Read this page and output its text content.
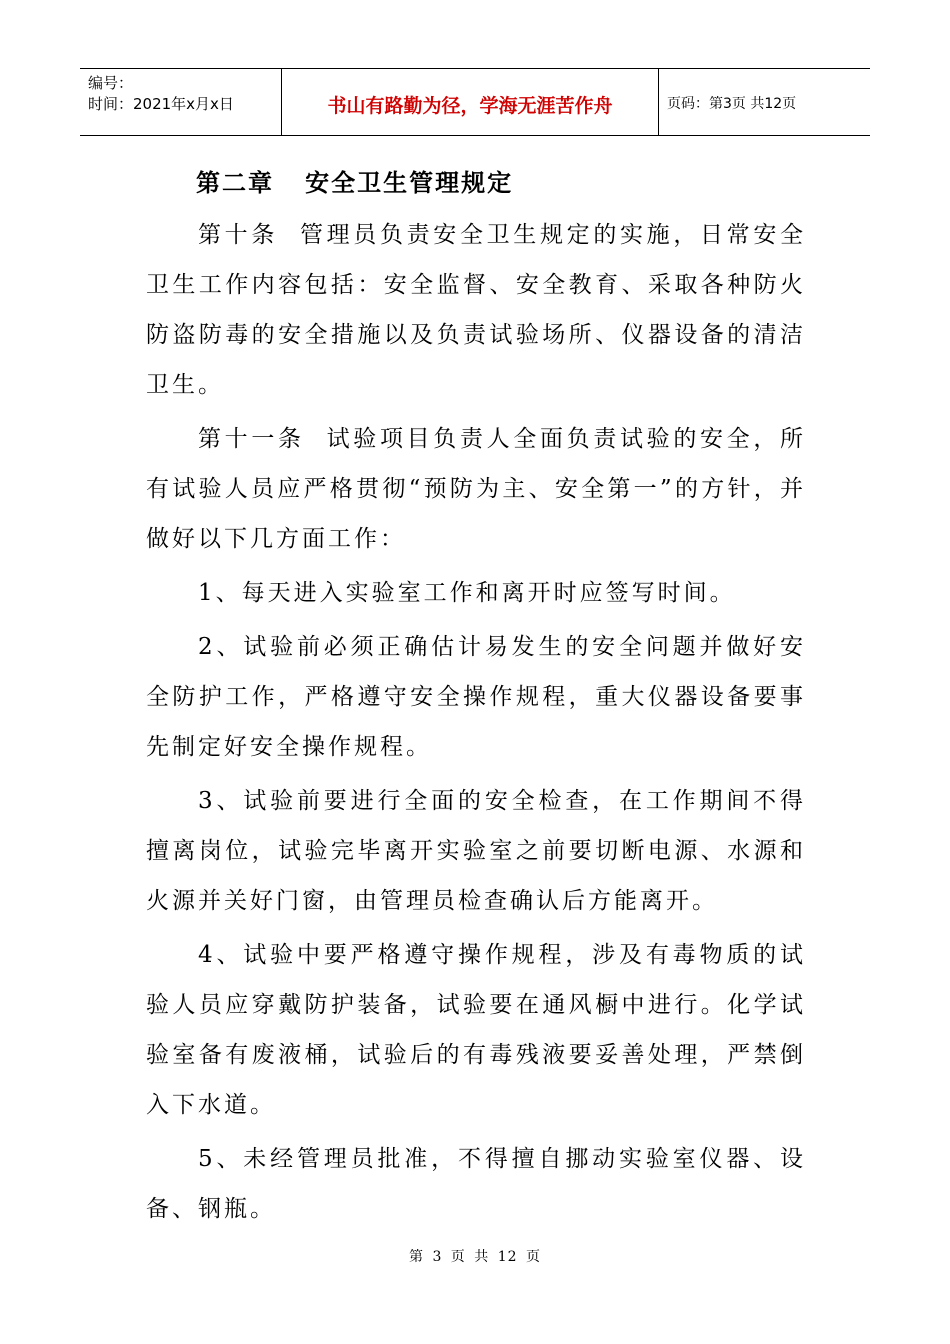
编号：
时间：2021年x月x日	书山有路勤为径，学海无涯苦作舟	页码：第3页 共12页
第二章   安全卫生管理规定

第十条  管理员负责安全卫生规定的实施，日常安全卫生工作内容包括：安全监督、安全教育、采取各种防火防盗防毒的安全措施以及负责试验场所、仪器设备的清洁卫生。

第十一条  试验项目负责人全面负责试验的安全，所有试验人员应严格贯彻“预防为主、安全第一”的方针，并做好以下几方面工作：

1、每天进入实验室工作和离开时应签写时间。

2、试验前必须正确估计易发生的安全问题并做好安全防护工作，严格遵守安全操作规程，重大仪器设备要事先制定好安全操作规程。

3、试验前要进行全面的安全检查，在工作期间不得擅离岗位，试验完毕离开实验室之前要切断电源、水源和火源并关好门窗，由管理员检查确认后方能离开。

4、试验中要严格遵守操作规程，涉及有毒物质的试验人员应穿戴防护装备，试验要在通风橱中进行。化学试验室备有废液桶，试验后的有毒残液要妥善处理，严禁倒入下水道。

5、未经管理员批准，不得擅自挪动实验室仪器、设备、钢瓶。

第 3 页 共 12 页
